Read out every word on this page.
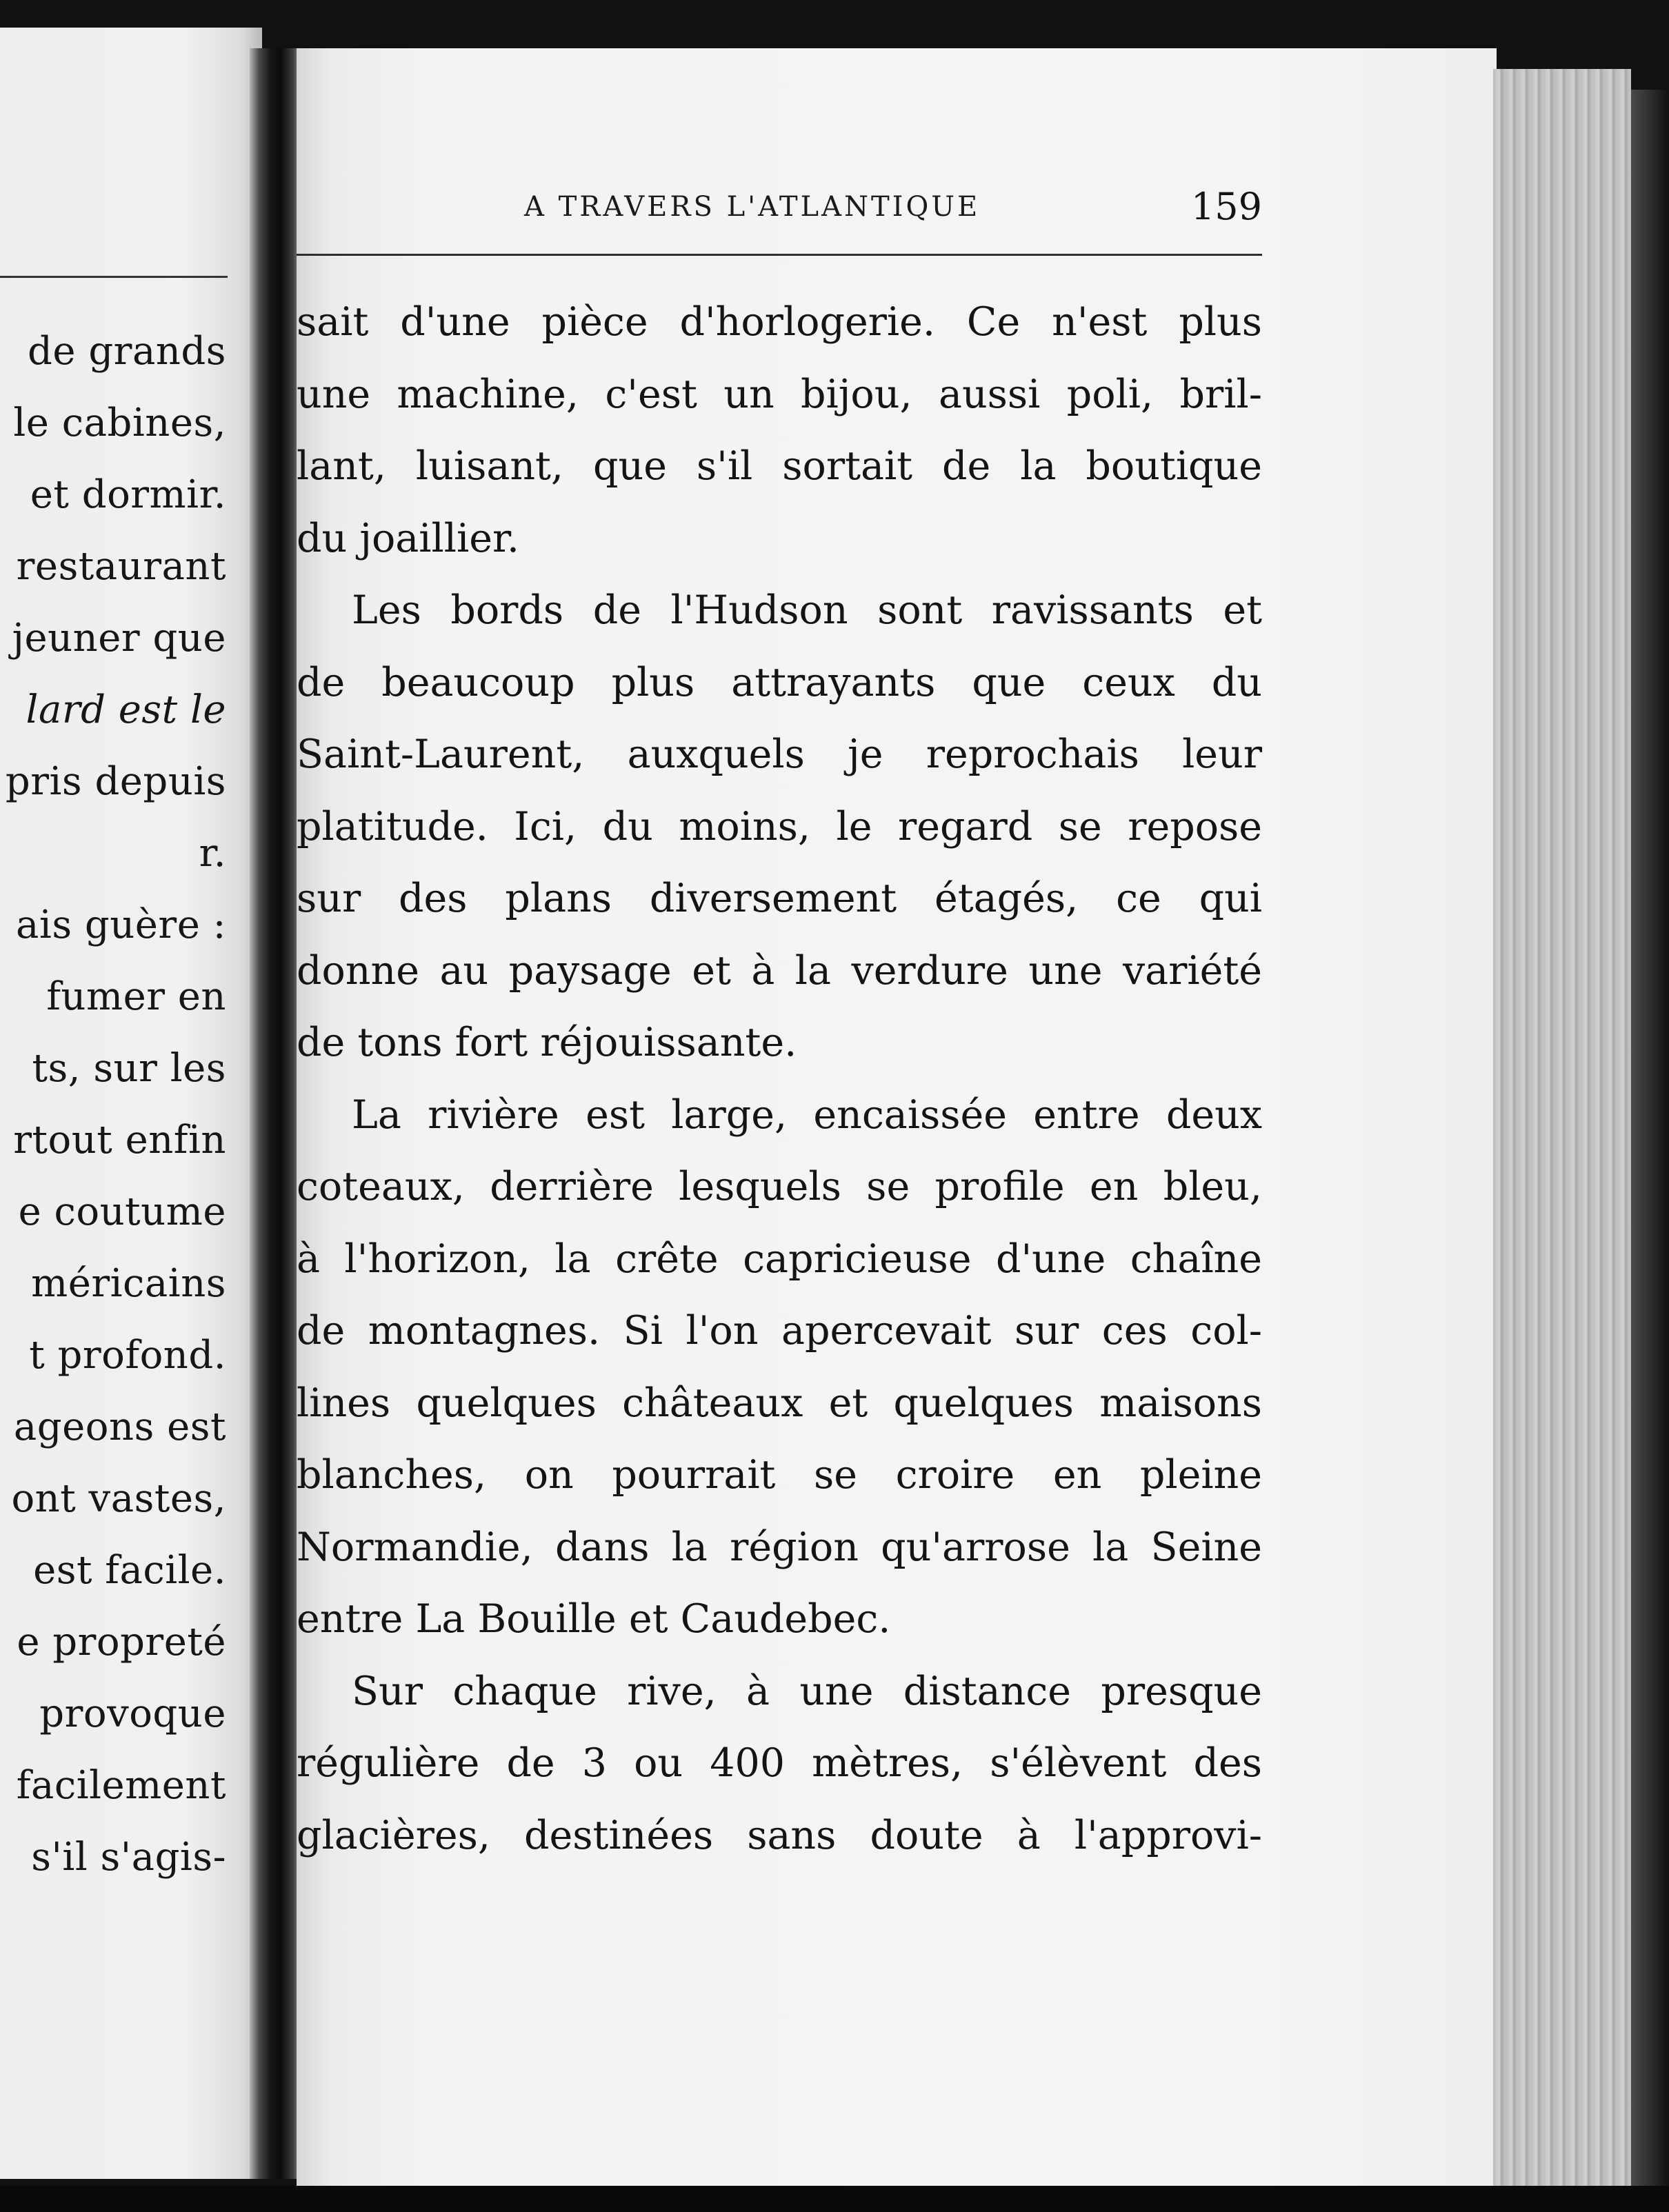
de grands
le cabines,
et dormir.
restaurant
jeuner que
lard est le
pris depuis
r.
ais guère :
fumer en
ts, sur les
rtout enfin
e coutume
méricains
t profond.
ageons est
ont vastes,
est facile.
e propreté
provoque
facilement
s'il s'agis-
A TRAVERS L'ATLANTIQUE	159
sait d'une pièce d'horlogerie. Ce n'est plus
une machine, c'est un bijou, aussi poli, bril-
lant, luisant, que s'il sortait de la boutique
du joaillier.
Les bords de l'Hudson sont ravissants et
de beaucoup plus attrayants que ceux du
Saint-Laurent, auxquels je reprochais leur
platitude. Ici, du moins, le regard se repose
sur des plans diversement étagés, ce qui
donne au paysage et à la verdure une variété
de tons fort réjouissante.
La rivière est large, encaissée entre deux
coteaux, derrière lesquels se profile en bleu,
à l'horizon, la crête capricieuse d'une chaîne
de montagnes. Si l'on apercevait sur ces col-
lines quelques châteaux et quelques maisons
blanches, on pourrait se croire en pleine
Normandie, dans la région qu'arrose la Seine
entre La Bouille et Caudebec.
Sur chaque rive, à une distance presque
régulière de 3 ou 400 mètres, s'élèvent des
glacières, destinées sans doute à l'approvi-
